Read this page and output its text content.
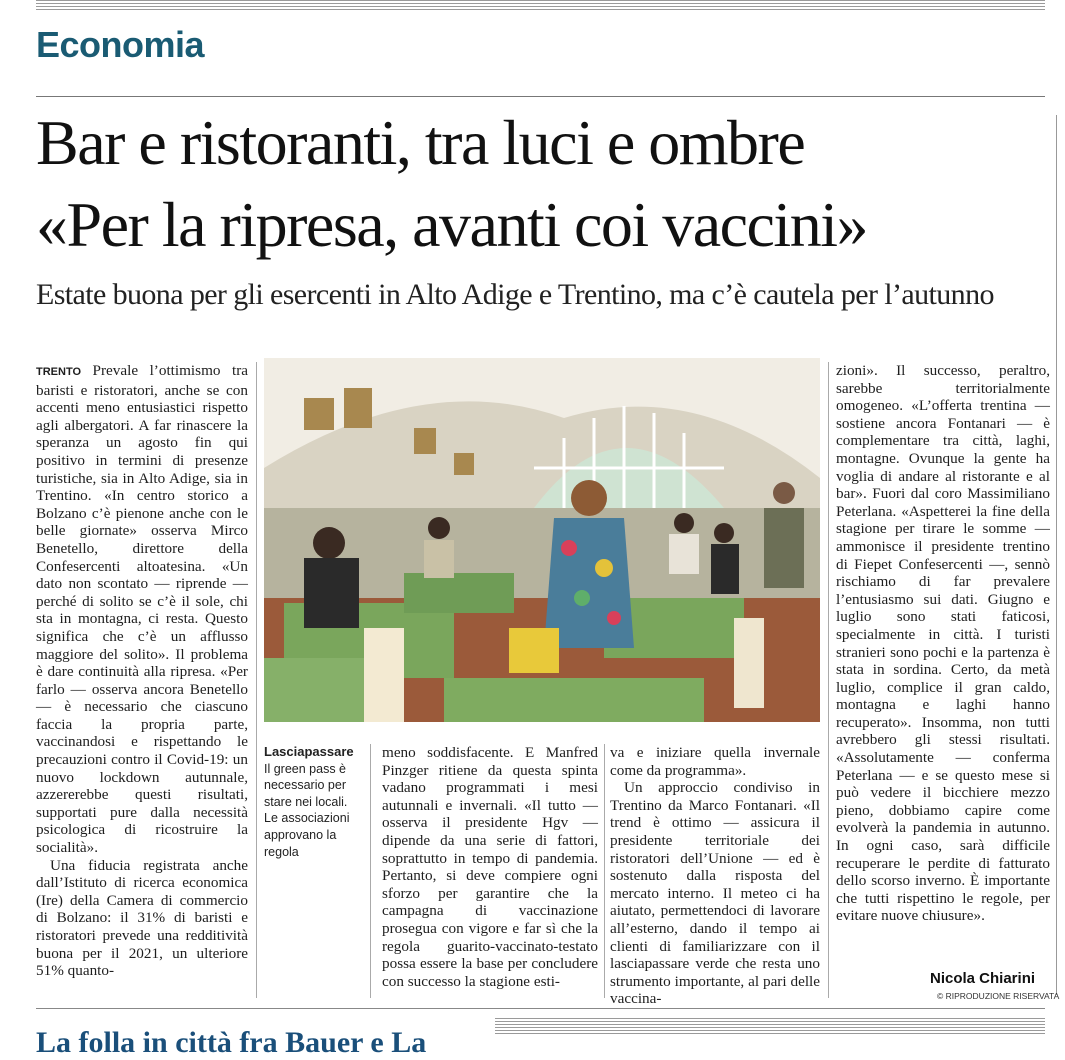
Economia
Bar e ristoranti, tra luci e ombre
«Per la ripresa, avanti coi vaccini»
Estate buona per gli esercenti in Alto Adige e Trentino, ma c’è cautela per l’autunno

TRENTO Prevale l’ottimismo tra baristi e ristoratori, anche se con accenti meno entusiastici rispetto agli albergatori. A far rinascere la speranza un agosto fin qui positivo in termini di presenze turistiche, sia in Alto Adige, sia in Trentino. «In centro storico a Bolzano c’è pienone anche con le belle giornate» osserva Mirco Benetello, direttore della Confesercenti altoatesina. «Un dato non scontato — riprende — perché di solito se c’è il sole, chi sta in montagna, ci resta. Questo significa che c’è un afflusso maggiore del solito». Il problema è dare continuità alla ripresa. «Per farlo — osserva ancora Benetello — è necessario che ciascuno faccia la propria parte, vaccinandosi e rispettando le precauzioni contro il Covid-19: un nuovo lockdown autunnale, azzererebbe questi risultati, supportati pure dalla necessità psicologica di ricostruire la socialità».

Una fiducia registrata anche dall’Istituto di ricerca economica (Ire) della Camera di commercio di Bolzano: il 31% di baristi e ristoratori prevede una redditività buona per il 2021, un ulteriore 51% quanto-

Lasciapassare
Il green pass è necessario per stare nei locali. Le associazioni approvano la regola

meno soddisfacente. E Manfred Pinzger ritiene da questa spinta vadano programmati i mesi autunnali e invernali. «Il tutto — osserva il presidente Hgv — dipende da una serie di fattori, soprattutto in tempo di pandemia. Pertanto, si deve compiere ogni sforzo per garantire che la campagna di vaccinazione prosegua con vigore e far sì che la regola guarito-vaccinato-testato possa essere la base per concludere con successo la stagione esti-

va e iniziare quella invernale come da programma».

Un approccio condiviso in Trentino da Marco Fontanari. «Il trend è ottimo — assicura il presidente territoriale dei ristoratori dell’Unione — ed è sostenuto dalla risposta del mercato interno. Il meteo ci ha aiutato, permettendoci di lavorare all’esterno, dando il tempo ai clienti di familiarizzare con il lasciapassare verde che resta uno strumento importante, al pari delle vaccina-

zioni». Il successo, peraltro, sarebbe territorialmente omogeneo. «L’offerta trentina — sostiene ancora Fontanari — è complementare tra città, laghi, montagne. Ovunque la gente ha voglia di andare al ristorante e al bar». Fuori dal coro Massimiliano Peterlana. «Aspetterei la fine della stagione per tirare le somme — ammonisce il presidente trentino di Fiepet Confesercenti —, sennò rischiamo di far prevalere l’entusiasmo sui dati. Giugno e luglio sono stati faticosi, specialmente in città. I turisti stranieri sono pochi e la partenza è stata in sordina. Certo, da metà luglio, complice il gran caldo, montagna e laghi hanno recuperato». Insomma, non tutti avrebbero gli stessi risultati. «Assolutamente — conferma Peterlana — e se questo mese si può vedere il bicchiere mezzo pieno, dobbiamo capire come evolverà la pandemia in autunno. In ogni caso, sarà difficile recuperare le perdite di fatturato dello scorso inverno. È importante che tutti rispettino le regole, per evitare nuove chiusure».

Nicola Chiarini
© RIPRODUZIONE RISERVATA
La folla in città fra Bauer e La
